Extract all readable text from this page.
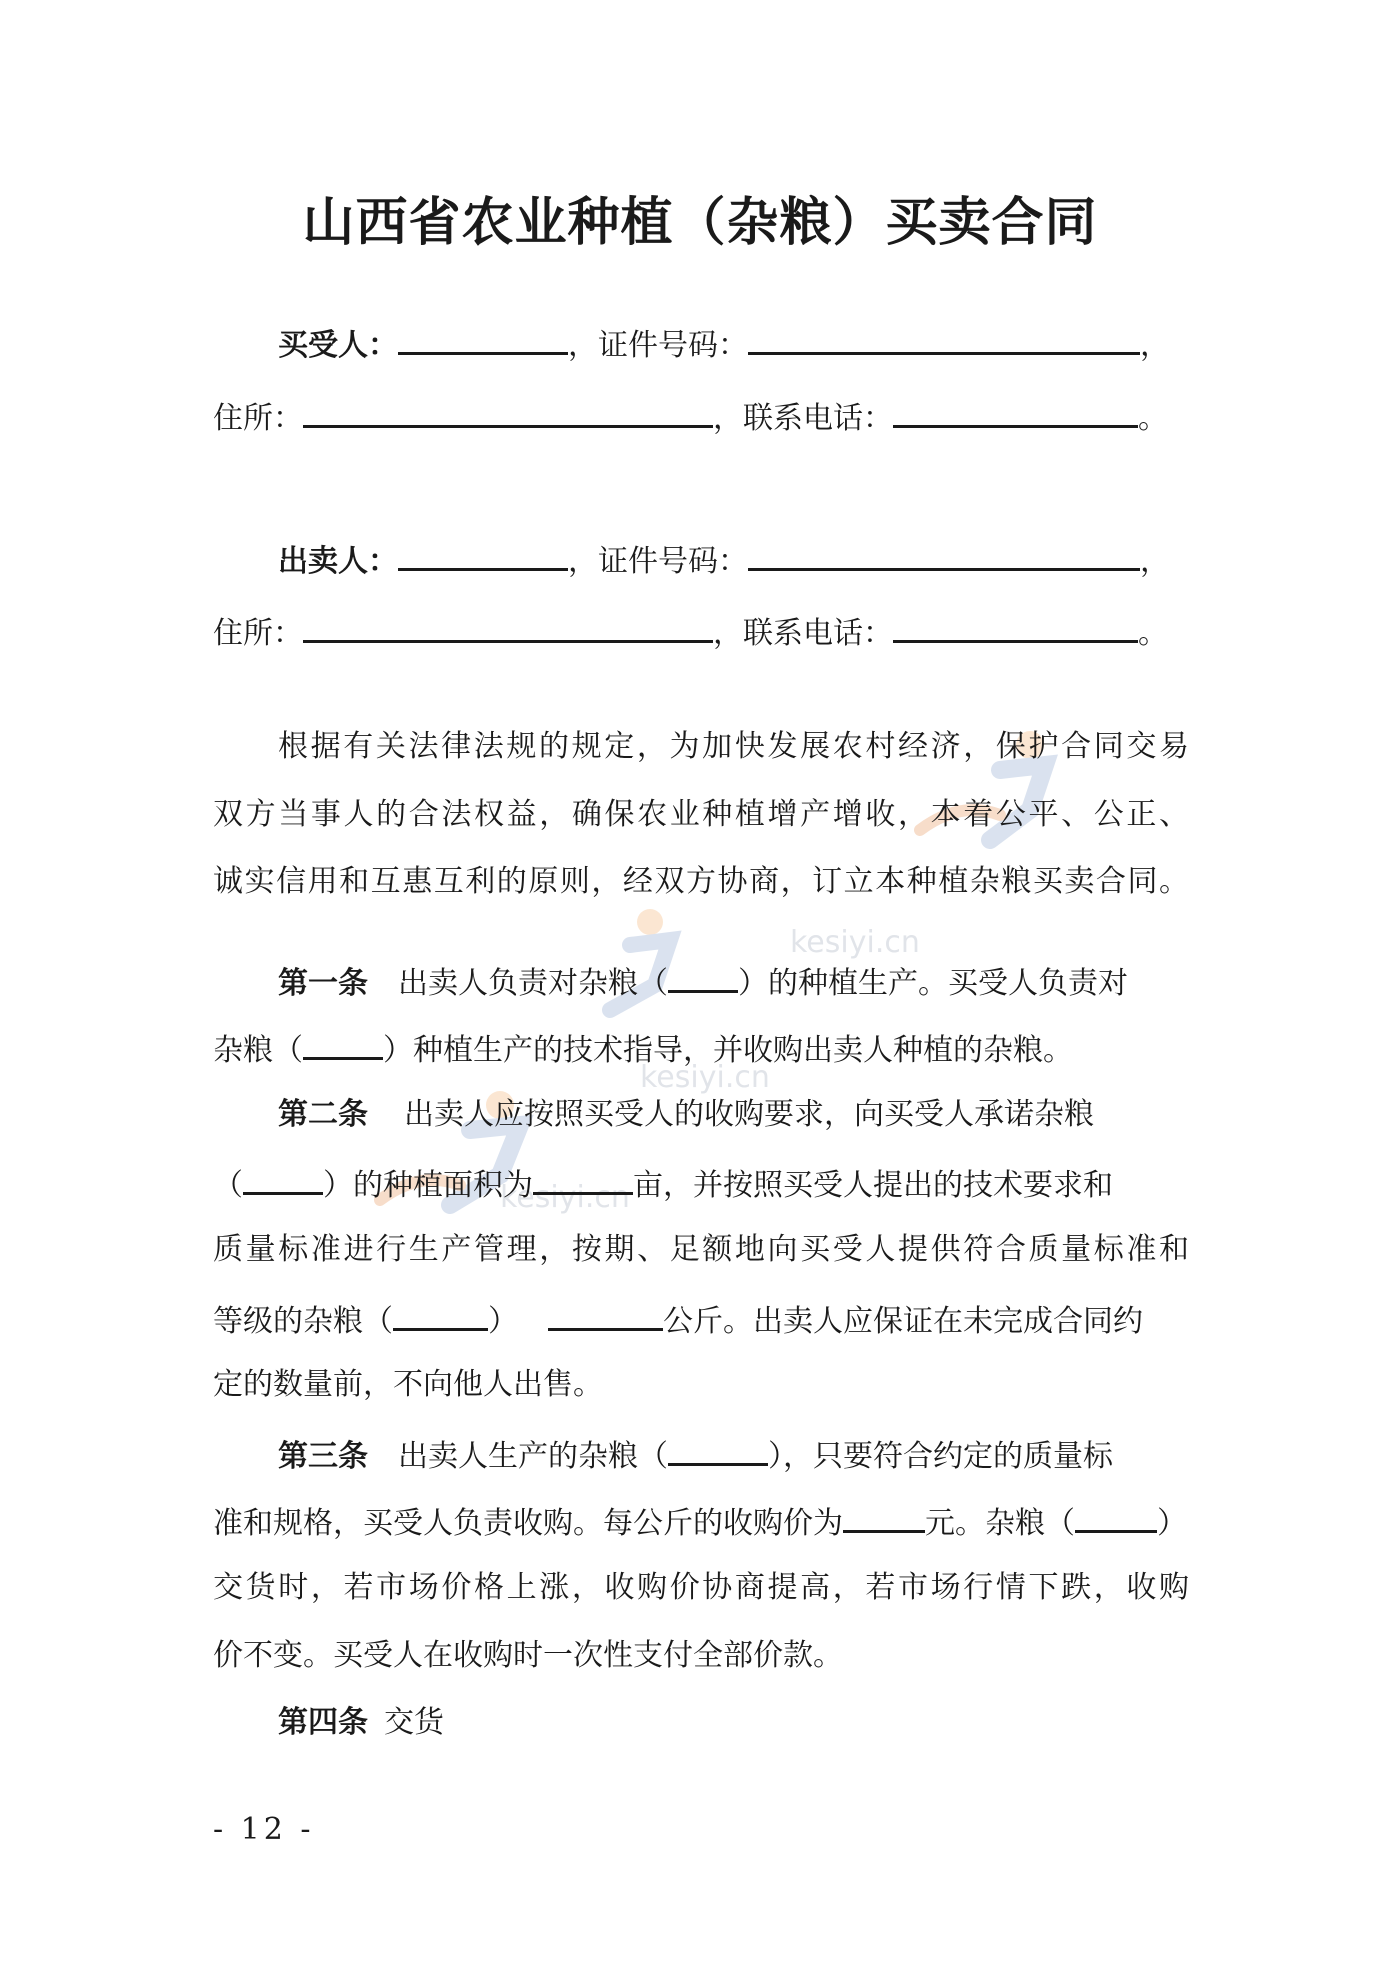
kesiyi.cn
kesiyi.cn
kesiyi.cn
山西省农业种植（杂粮）买卖合同
买受人：	，证件号码：	，
住所：	，联系电话：	。
出卖人：	，证件号码：	，
住所：	，联系电话：	。
根据有关法律法规的规定，为加快发展农村经济，保护合同交易
双方当事人的合法权益，确保农业种植增产增收，本着公平、公正、
诚实信用和互惠互利的原则，经双方协商，订立本种植杂粮买卖合同。
第一条 出卖人负责对杂粮（ ）的种植生产。买受人负责对
杂粮（	）种植生产的技术指导，并收购出卖人种植的杂粮。
第二条 出卖人应按照买受人的收购要求，向买受人承诺杂粮
（	）的种植面积为	亩，并按照买受人提出的技术要求和
质量标准进行生产管理，按期、足额地向买受人提供符合质量标准和
等级的杂粮（	）	公斤。出卖人应保证在未完成合同约
定的数量前，不向他人出售。
第三条 出卖人生产的杂粮（	），只要符合约定的质量标
准和规格，买受人负责收购。每公斤的收购价为	元。杂粮（	）
交货时，若市场价格上涨，收购价协商提高，若市场行情下跌，收购
价不变。买受人在收购时一次性支付全部价款。
第四条 交货
- 12 -
